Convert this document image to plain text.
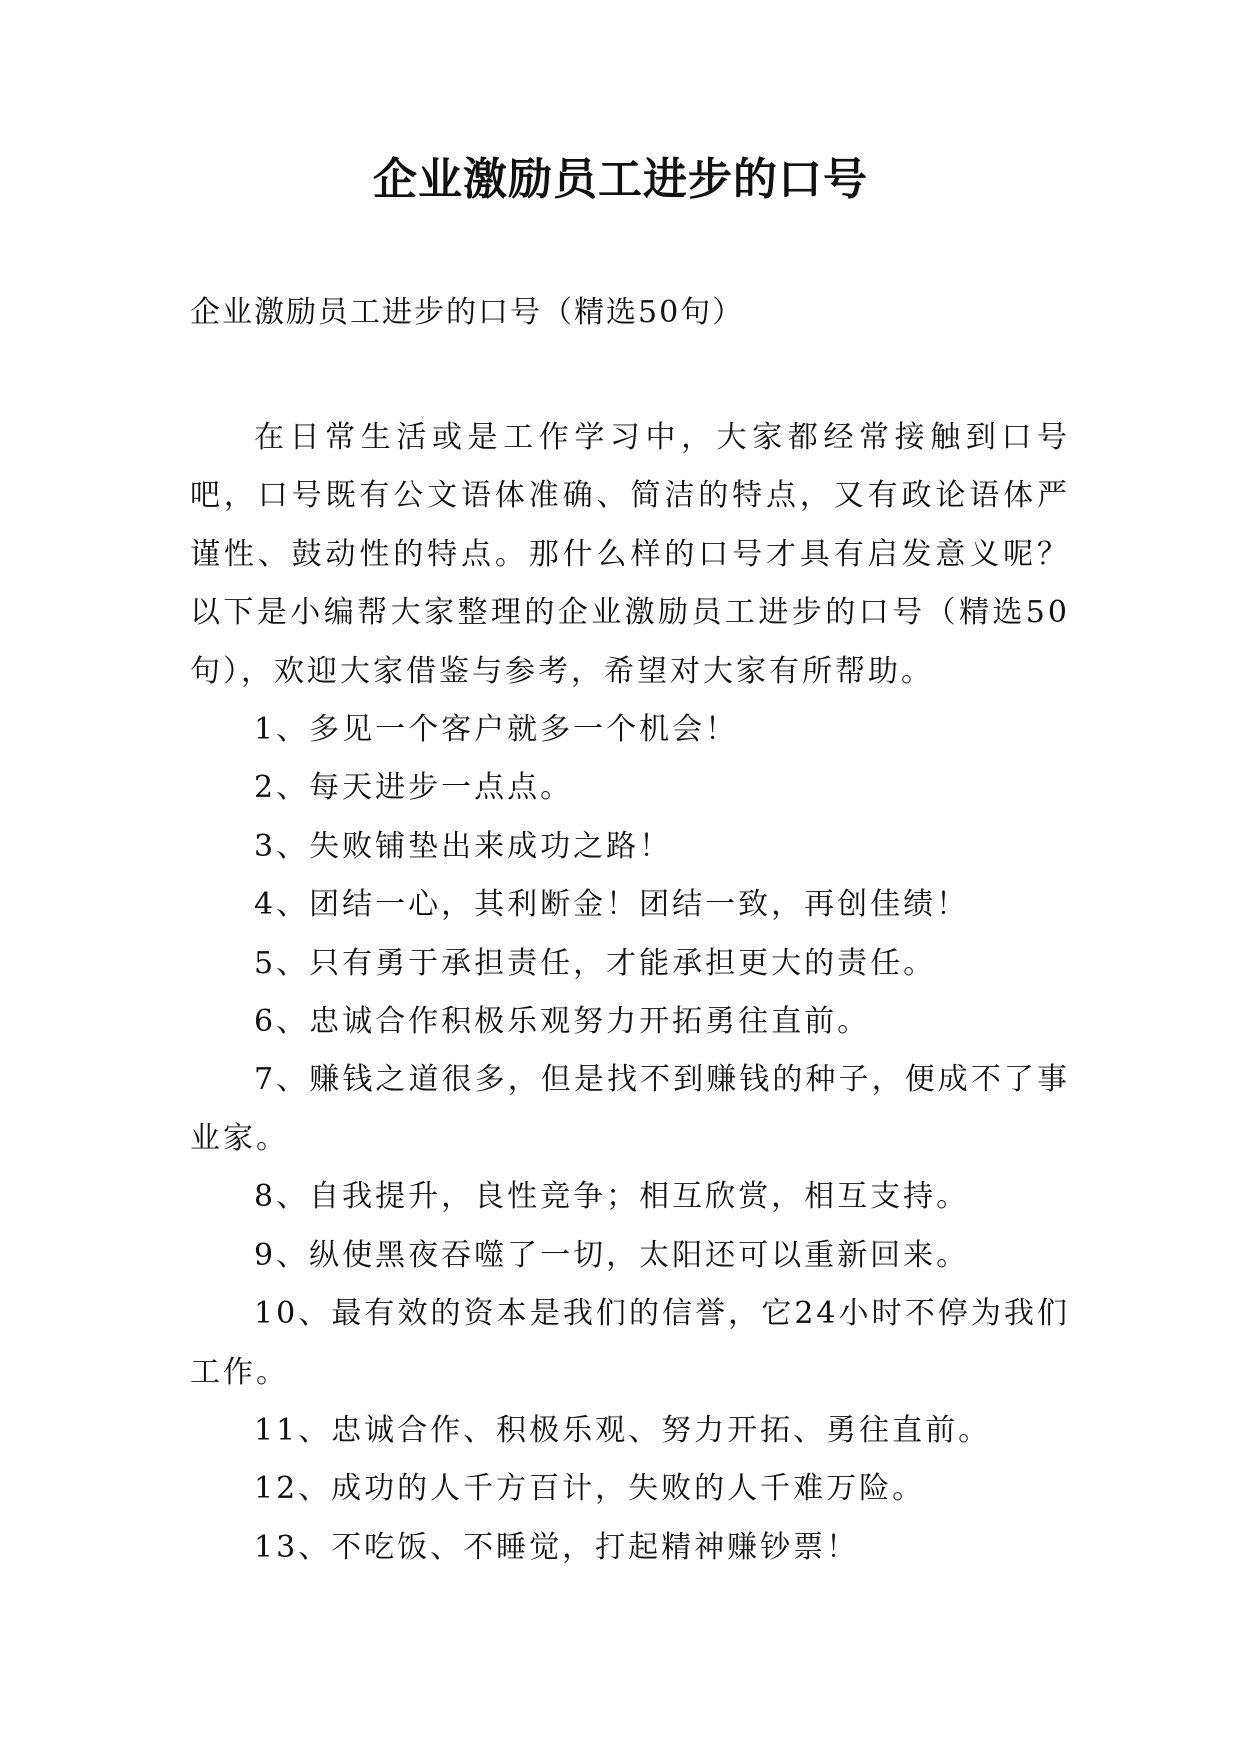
企业激励员工进步的口号
企业激励员工进步的口号（精选50句）

在日常生活或是工作学习中，大家都经常接触到口号吧，口号既有公文语体准确、简洁的特点，又有政论语体严谨性、鼓动性的特点。那什么样的口号才具有启发意义呢？以下是小编帮大家整理的企业激励员工进步的口号（精选50句），欢迎大家借鉴与参考，希望对大家有所帮助。

1、多见一个客户就多一个机会！

2、每天进步一点点。

3、失败铺垫出来成功之路！

4、团结一心，其利断金！团结一致，再创佳绩！

5、只有勇于承担责任，才能承担更大的责任。

6、忠诚合作积极乐观努力开拓勇往直前。

7、赚钱之道很多，但是找不到赚钱的种子，便成不了事业家。

8、自我提升，良性竞争；相互欣赏，相互支持。

9、纵使黑夜吞噬了一切，太阳还可以重新回来。

10、最有效的资本是我们的信誉，它24小时不停为我们工作。

11、忠诚合作、积极乐观、努力开拓、勇往直前。

12、成功的人千方百计，失败的人千难万险。

13、不吃饭、不睡觉，打起精神赚钞票！
